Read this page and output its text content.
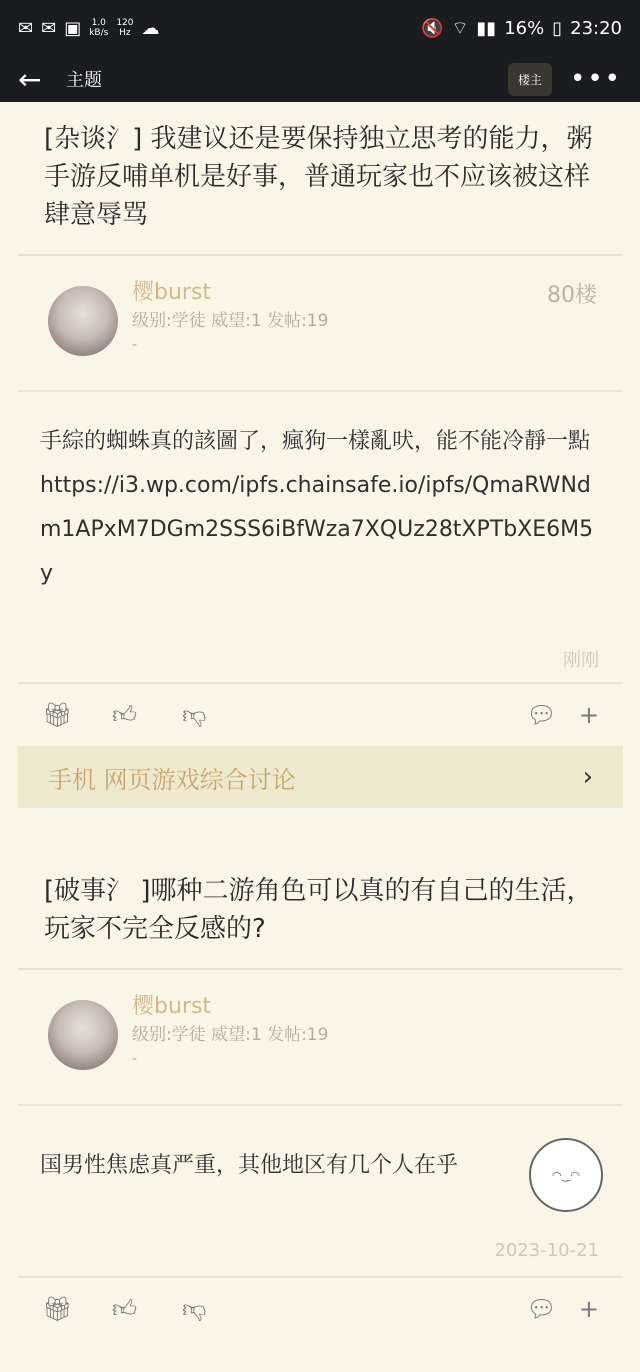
✉ ✉ ▣ 1.0
kB/s
120
Hz ☁	🔇 ⌔ ▮▮ 16% ▯ 23:20
←	主题	楼主	•••
[杂谈氵] 我建议还是要保持独立思考的能力，粥手游反哺单机是好事，普通玩家也不应该被这样肆意辱骂
樱burst
级别:学徒 威望:1 发帖:19
-
80楼
手綜的蜘蛛真的該圖了，瘋狗一樣亂吠，能不能冷靜一點
https://i3.wp.com/ipfs.chainsafe.io/ipfs/QmaRWNdm1APxM7DGm2SSS6iBfWza7XQUz28tXPTbXE6M5y
刚刚
🎁︎	👍︎	👎︎	💬︎ +
手机 网页游戏综合讨论	›
[破事氵 ]哪种二游角色可以真的有自己的生活，玩家不完全反感的?
樱burst
级别:学徒 威望:1 发帖:19
-
国男性焦虑真严重，其他地区有几个人在乎	◠‿◠
2023-10-21
🎁︎	👍︎	👎︎	💬︎ +
